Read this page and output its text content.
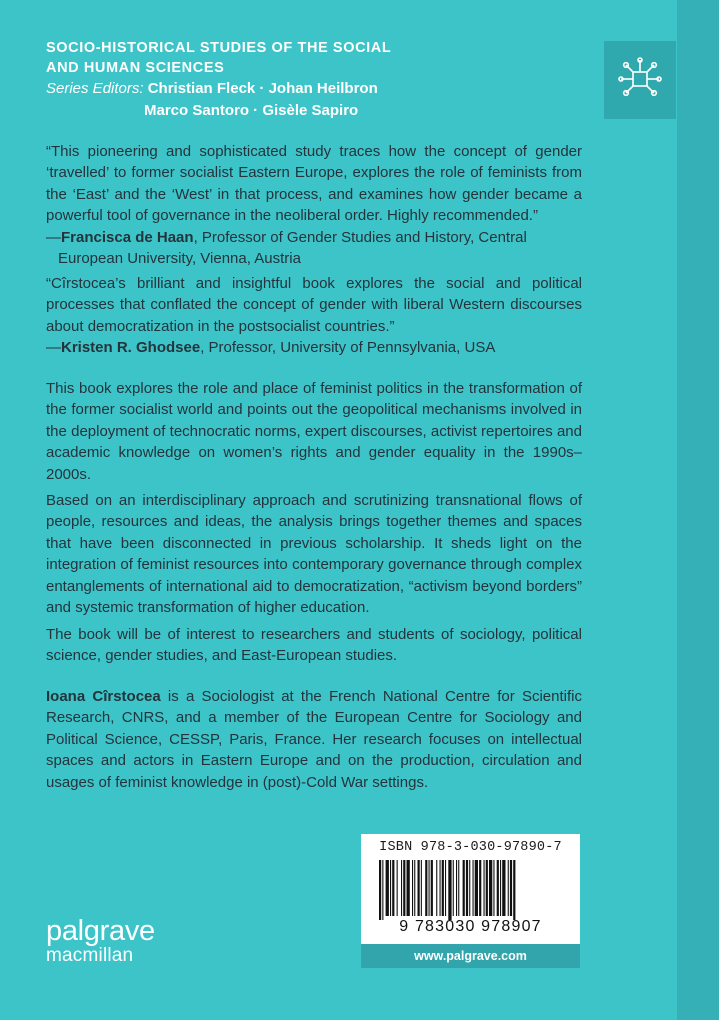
SOCIO-HISTORICAL STUDIES OF THE SOCIAL
AND HUMAN SCIENCES
Series Editors: Christian Fleck · Johan Heilbron
Marco Santoro · Gisèle Sapiro
“This pioneering and sophisticated study traces how the concept of gender ‘travelled’ to former socialist Eastern Europe, explores the role of feminists from the ‘East’ and the ‘West’ in that process, and examines how gender became a powerful tool of governance in the neoliberal order. Highly recommended.”
—Francisca de Haan, Professor of Gender Studies and History, Central
European University, Vienna, Austria
“Cîrstocea’s brilliant and insightful book explores the social and political processes that conflated the concept of gender with liberal Western discourses about democratization in the postsocialist countries.”
—Kristen R. Ghodsee, Professor, University of Pennsylvania, USA
This book explores the role and place of feminist politics in the transformation of the former socialist world and points out the geopolitical mechanisms involved in the deployment of technocratic norms, expert discourses, activist repertoires and academic knowledge on women’s rights and gender equality in the 1990s–2000s.
Based on an interdisciplinary approach and scrutinizing transnational flows of people, resources and ideas, the analysis brings together themes and spaces that have been disconnected in previous scholarship. It sheds light on the integration of feminist resources into contemporary governance through complex entanglements of international aid to democratization, “activism beyond borders” and systemic transformation of higher education.
The book will be of interest to researchers and students of sociology, political science, gender studies, and East-European studies.
Ioana Cîrstocea is a Sociologist at the French National Centre for Scientific Research, CNRS, and a member of the European Centre for Sociology and Political Science, CESSP, Paris, France. Her research focuses on intellectual spaces and actors in Eastern Europe and on the production, circulation and usages of feminist knowledge in (post)-Cold War settings.
ISBN 978-3-030-97890-7
9 783030 978907
www.palgrave.com
palgrave
macmillan
